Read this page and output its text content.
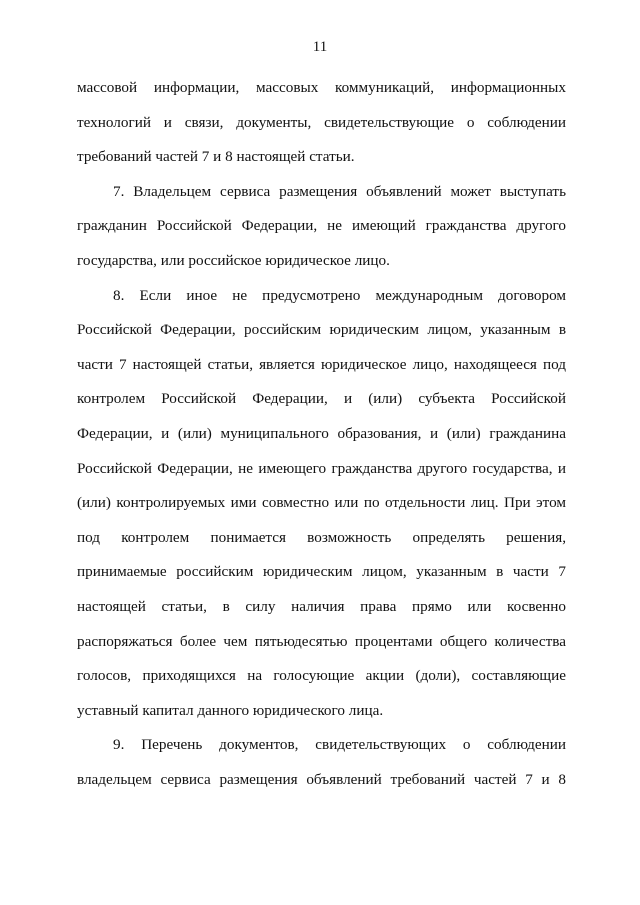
11
массовой информации, массовых коммуникаций, информационных
технологий и связи, документы, свидетельствующие о соблюдении
требований частей 7 и 8 настоящей статьи.
7. Владельцем сервиса размещения объявлений может выступать
гражданин Российской Федерации, не имеющий гражданства другого
государства, или российское юридическое лицо.
8. Если иное не предусмотрено международным договором
Российской Федерации, российским юридическим лицом, указанным в
части 7 настоящей статьи, является юридическое лицо, находящееся под
контролем Российской Федерации, и (или) субъекта Российской
Федерации, и (или) муниципального образования, и (или) гражданина
Российской Федерации, не имеющего гражданства другого государства, и
(или) контролируемых ими совместно или по отдельности лиц. При этом
под контролем понимается возможность определять решения,
принимаемые российским юридическим лицом, указанным в части 7
настоящей статьи, в силу наличия права прямо или косвенно
распоряжаться более чем пятьюдесятью процентами общего количества
голосов, приходящихся на голосующие акции (доли), составляющие
уставный капитал данного юридического лица.
9. Перечень документов, свидетельствующих о соблюдении
владельцем сервиса размещения объявлений требований частей 7 и 8
